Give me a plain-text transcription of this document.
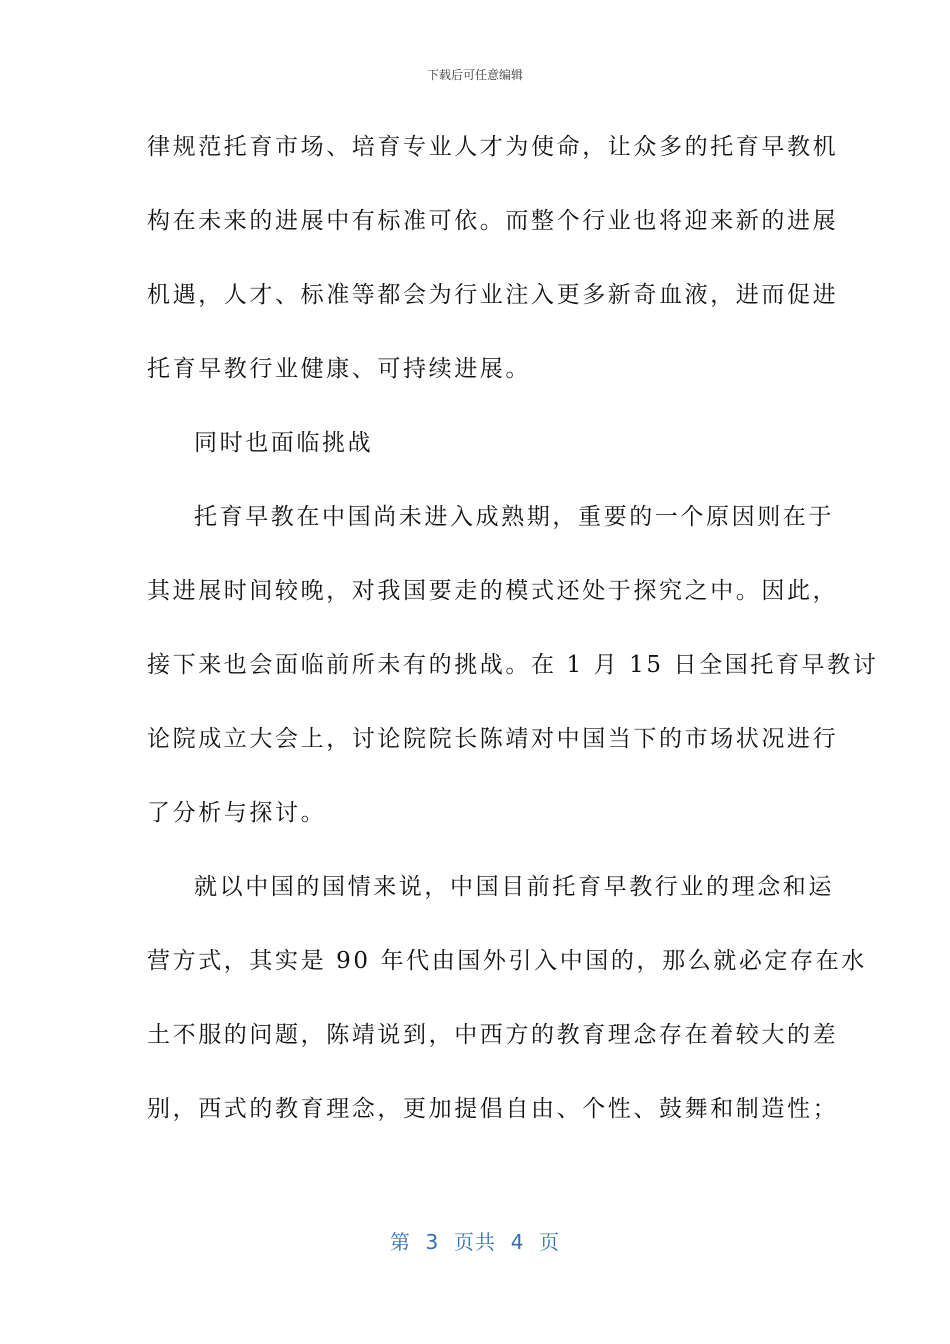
下载后可任意编辑
律规范托育市场、培育专业人才为使命，让众多的托育早教机
构在未来的进展中有标准可依。而整个行业也将迎来新的进展
机遇，人才、标准等都会为行业注入更多新奇血液，进而促进
托育早教行业健康、可持续进展。
同时也面临挑战
托育早教在中国尚未进入成熟期，重要的一个原因则在于
其进展时间较晚，对我国要走的模式还处于探究之中。因此，
接下来也会面临前所未有的挑战。在 1 月 15 日全国托育早教讨
论院成立大会上，讨论院院长陈靖对中国当下的市场状况进行
了分析与探讨。
就以中国的国情来说，中国目前托育早教行业的理念和运
营方式，其实是 90 年代由国外引入中国的，那么就必定存在水
土不服的问题，陈靖说到，中西方的教育理念存在着较大的差
别，西式的教育理念，更加提倡自由、个性、鼓舞和制造性；
第  3  页共  4  页
